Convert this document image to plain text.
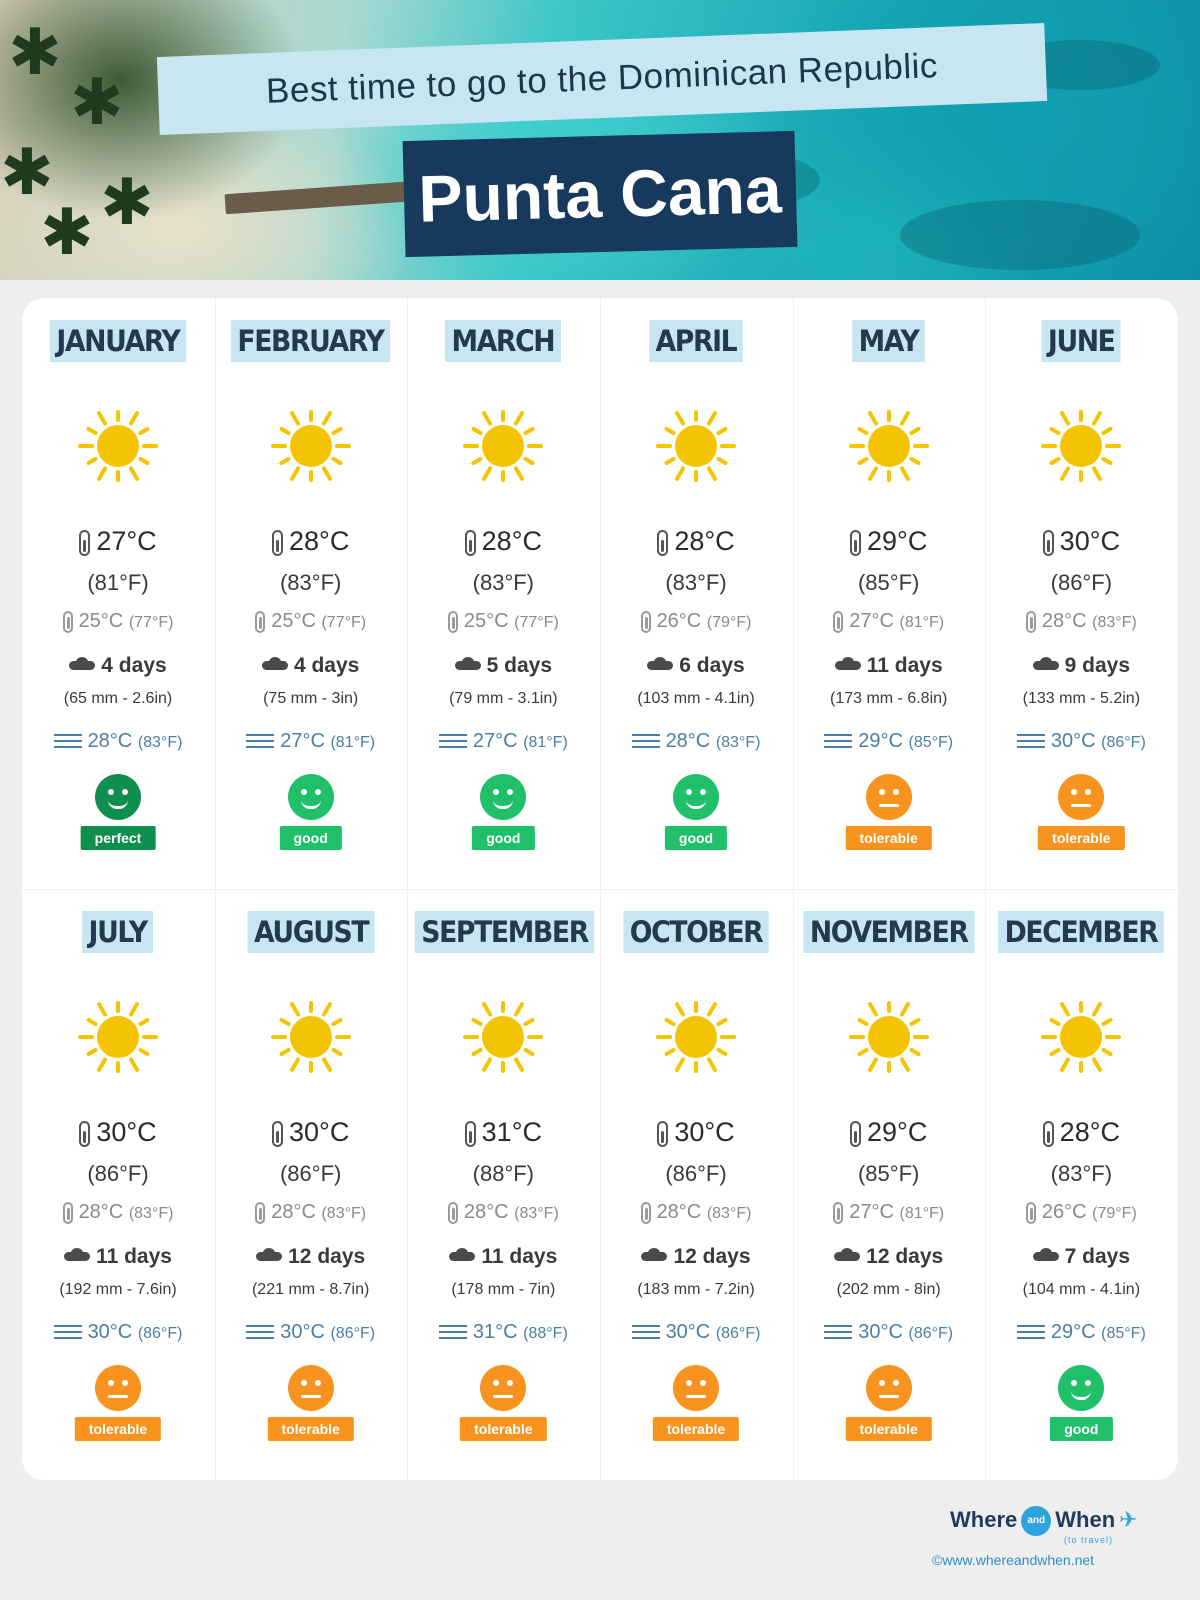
✱
✱
✱ ✱
✱
Best time to go to the Dominican Republic
Punta Cana
JANUARY
27°C
(81°F)
25°C (77°F)
4 days
(65 mm - 2.6in)
28°C (83°F)
perfect
FEBRUARY
28°C
(83°F)
25°C (77°F)
4 days
(75 mm - 3in)
27°C (81°F)
good
MARCH
28°C
(83°F)
25°C (77°F)
5 days
(79 mm - 3.1in)
27°C (81°F)
good
APRIL
28°C
(83°F)
26°C (79°F)
6 days
(103 mm - 4.1in)
28°C (83°F)
good
MAY
29°C
(85°F)
27°C (81°F)
11 days
(173 mm - 6.8in)
29°C (85°F)
tolerable
JUNE
30°C
(86°F)
28°C (83°F)
9 days
(133 mm - 5.2in)
30°C (86°F)
tolerable
JULY
30°C
(86°F)
28°C (83°F)
11 days
(192 mm - 7.6in)
30°C (86°F)
tolerable
AUGUST
30°C
(86°F)
28°C (83°F)
12 days
(221 mm - 8.7in)
30°C (86°F)
tolerable
SEPTEMBER
31°C
(88°F)
28°C (83°F)
11 days
(178 mm - 7in)
31°C (88°F)
tolerable
OCTOBER
30°C
(86°F)
28°C (83°F)
12 days
(183 mm - 7.2in)
30°C (86°F)
tolerable
NOVEMBER
29°C
(85°F)
27°C (81°F)
12 days
(202 mm - 8in)
30°C (86°F)
tolerable
DECEMBER
28°C
(83°F)
26°C (79°F)
7 days
(104 mm - 4.1in)
29°C (85°F)
good
Where and When ✈
(to travel)
©www.whereandwhen.net
